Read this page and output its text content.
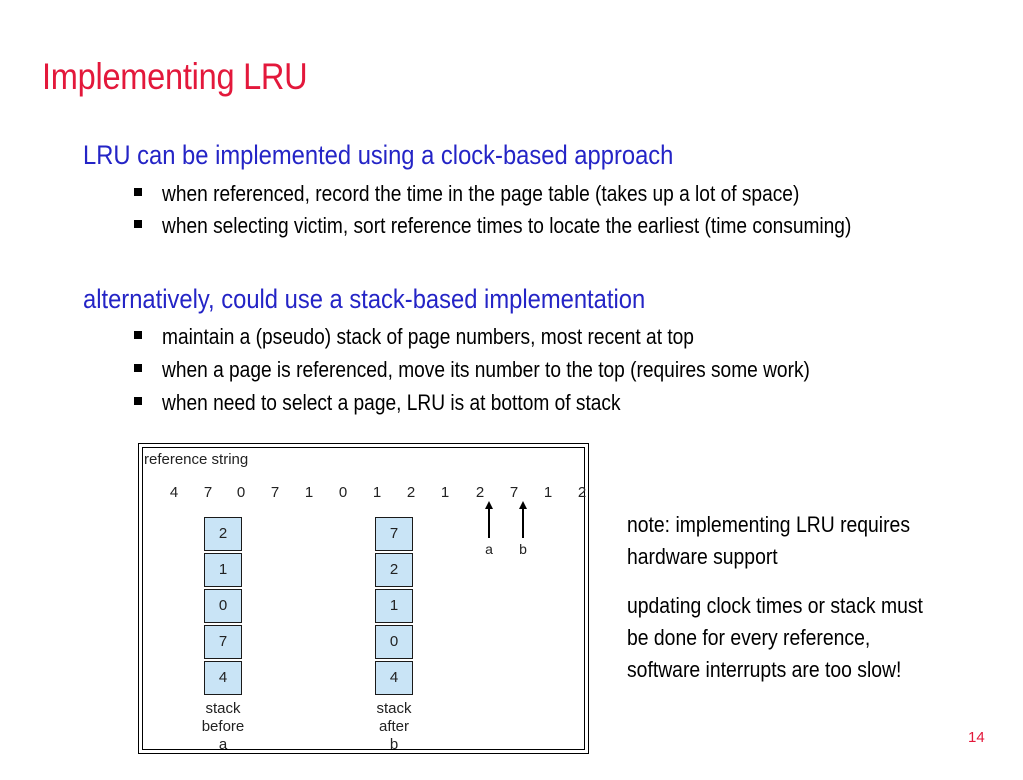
Implementing LRU
LRU can be implemented using a clock-based approach
when referenced, record the time in the page table (takes up a lot of space)
when selecting victim, sort reference times to locate the earliest (time consuming)
alternatively, could use a stack-based implementation
maintain a (pseudo) stack of page numbers, most recent at top
when a page is referenced, move its number to the top (requires some work)
when need to select a page, LRU is at bottom of stack
reference string
4	7	0	7	1	0	1	2	1	2	7	1	2
a b
2
1
0
7
4
stack
before
a
7
2
1
0
4
stack
after
b
note: implementing LRU requires
hardware support
updating clock times or stack must
be done for every reference,
software interrupts are too slow!
14
